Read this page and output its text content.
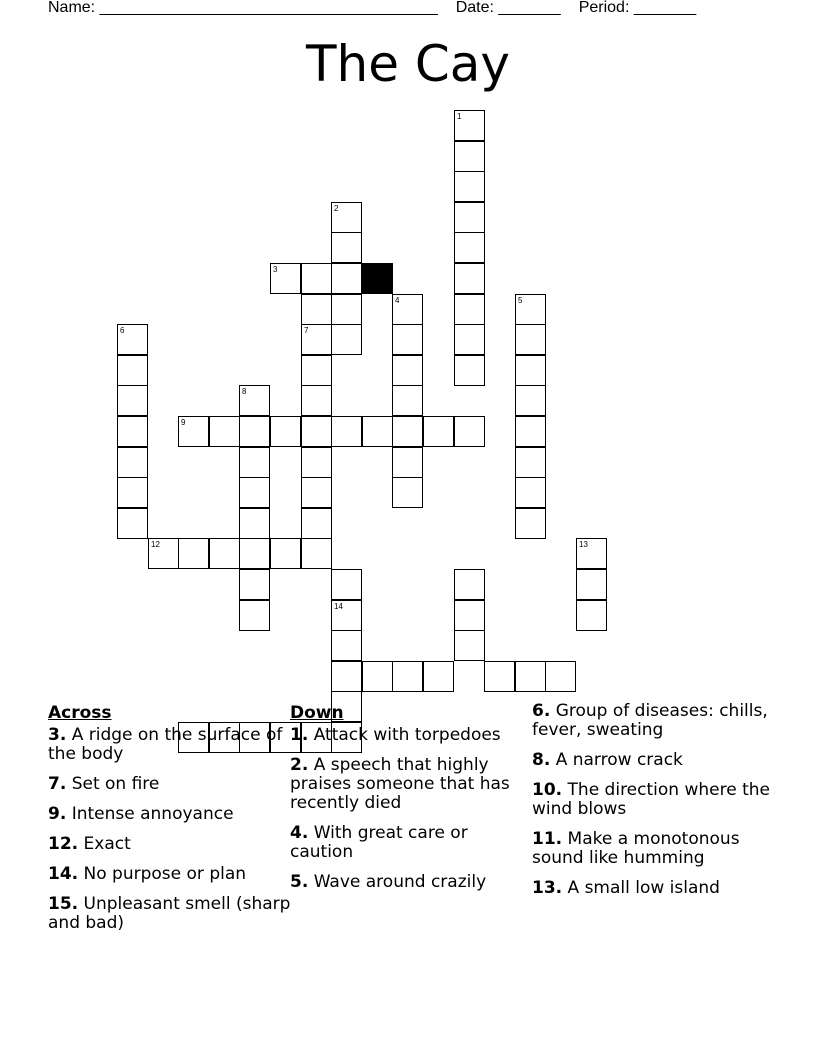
Name: ______________________________________ Date: _______ Period: _______
The Cay
1
2
3
7
4	5
6
8
9
12
14
13
Across
3. A ridge on the surface of the body
7. Set on fire
9. Intense annoyance
12. Exact
14. No purpose or plan
15. Unpleasant smell (sharp and bad)
Down
1. Attack with torpedoes
2. A speech that highly praises someone that has recently died
4. With great care or caution
5. Wave around crazily
6. Group of diseases: chills, fever, sweating
8. A narrow crack
10. The direction where the wind blows
11. Make a monotonous sound like humming
13. A small low island
